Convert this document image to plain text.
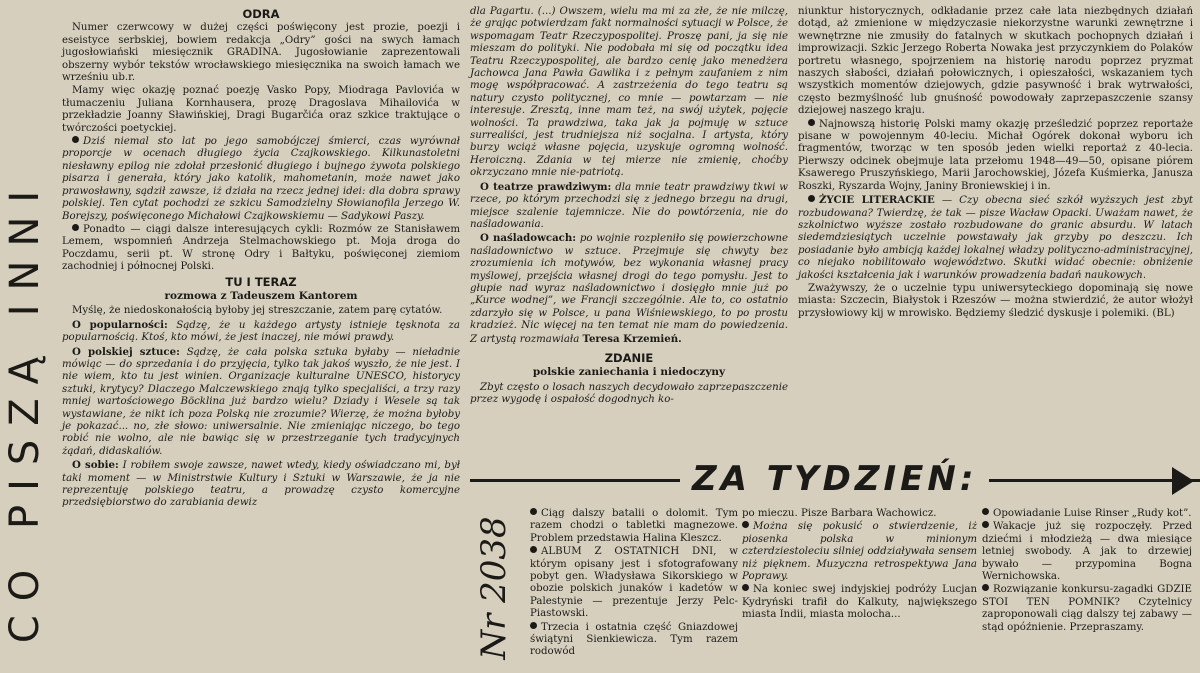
CO PISZĄ INNI
ODRA

Numer czerwcowy w dużej części poświęcony jest prozie, poezji i eseistyce serbskiej, bowiem redakcja „Odry” gości na swych łamach jugosłowiański miesięcznik GRADINA. Jugosłowianie zaprezentowali obszerny wybór tekstów wrocławskiego miesięcznika na swoich łamach we wrześniu ub.r.

Mamy więc okazję poznać poezję Vasko Popy, Miodraga Pavlovića w tłumaczeniu Juliana Kornhausera, prozę Dragoslava Mihailovića w przekładzie Joanny Sławińskiej, Dragi Bugarčića oraz szkice traktujące o twórczości poetyckiej.

Dziś niemal sto lat po jego samobójczej śmierci, czas wyrównał proporcje w ocenach długiego życia Czajkowskiego. Kilkunastoletni niesławny epilog nie zdołał przesłonić długiego i bujnego żywota polskiego pisarza i generała, który jako katolik, mahometanin, może nawet jako prawosławny, sądził zawsze, iż działa na rzecz jednej idei: dla dobra sprawy polskiej. Ten cytat pochodzi ze szkicu Samodzielny Słowianofila Jerzego W. Borejszy, poświęconego Michałowi Czajkowskiemu — Sadykowi Paszy.

Ponadto — ciągi dalsze interesujących cykli: Rozmów ze Stanisławem Lemem, wspomnień Andrzeja Stelmachowskiego pt. Moja droga do Poczdamu, serii pt. W stronę Odry i Bałtyku, poświęconej ziemiom zachodniej i północnej Polski.

TU I TERAZ
rozmowa z Tadeuszem Kantorem

Myślę, że niedoskonałością byłoby jej streszczanie, zatem parę cytatów.

O popularności: Sądzę, że u każdego artysty istnieje tęsknota za popularnością. Ktoś, kto mówi, że jest inaczej, nie mówi prawdy.

O polskiej sztuce: Sądzę, że cała polska sztuka byłaby — nieładnie mówiąc — do sprzedania i do przyjęcia, tylko tak jakoś wyszło, że nie jest. I nie wiem, kto tu jest winien. Organizacje kulturalne UNESCO, historycy sztuki, krytycy? Dlaczego Malczewskiego znają tylko specjaliści, a trzy razy mniej wartościowego Böcklina już bardzo wielu? Dziady i Wesele są tak wystawiane, że nikt ich poza Polską nie zrozumie? Wierzę, że można byłoby je pokazać... no, złe słowo: uniwersalnie. Nie zmieniając niczego, bo tego robić nie wolno, ale nie bawiąc się w przestrzeganie tych tradycyjnych żądań, didaskaliów.

O sobie: I robiłem swoje zawsze, nawet wtedy, kiedy oświadczano mi, był taki moment — w Ministrstwie Kultury i Sztuki w Warszawie, że ja nie reprezentuję polskiego teatru, a prowadzę czysto komercyjne przedsiębiorstwo do zarabiania dewiz

dla Pagartu. (...) Owszem, wielu ma mi za złe, że nie milczę, że grając potwierdzam fakt normalności sytuacji w Polsce, że wspomagam Teatr Rzeczypospolitej. Proszę pani, ja się nie mieszam do polityki. Nie podobała mi się od początku idea Teatru Rzeczypospolitej, ale bardzo cenię jako menedżera Jachowca Jana Pawła Gawlika i z pełnym zaufaniem z nim mogę współpracować. A zastrzeżenia do tego teatru są natury czysto politycznej, co mnie — powtarzam — nie interesuje. Zresztą, inne mam też, na swój użytek, pojęcie wolności. Ta prawdziwa, taka jak ja pojmuję w sztuce surrealiści, jest trudniejsza niż socjalna. I artysta, który burzy wciąż własne pojęcia, uzyskuje ogromną wolność. Heroiczną. Zdania w tej mierze nie zmienię, choćby okrzyczano mnie nie-patriotą.

O teatrze prawdziwym: dla mnie teatr prawdziwy tkwi w rzece, po którym przechodzi się z jednego brzegu na drugi, miejsce szalenie tajemnicze. Nie do powtórzenia, nie do naśladowania.

O naśladowcach: po wojnie rozpleniło się powierzchowne naśladownictwo w sztuce. Przejmuje się chwyty bez zrozumienia ich motywów, bez wykonania własnej pracy myślowej, przejścia własnej drogi do tego pomysłu. Jest to głupie nad wyraz naśladownictwo i dosięgło mnie już po „Kurce wodnej”, we Francji szczególnie. Ale to, co ostatnio zdarzyło się w Polsce, u pana Wiśniewskiego, to po prostu kradzież. Nic więcej na ten temat nie mam do powiedzenia. Z artystą rozmawiała Teresa Krzemień.

ZDANIE
polskie zaniechania i niedoczyny

Zbyt często o losach naszych decydowało zaprzepaszczenie przez wygodę i ospałość dogodnych ko-

niunktur historycznych, odkładanie przez całe lata niezbędnych działań dotąd, aż zmienione w międzyczasie niekorzystne warunki zewnętrzne i wewnętrzne nie zmusiły do fatalnych w skutkach pochopnych działań i improwizacji. Szkic Jerzego Roberta Nowaka jest przyczynkiem do Polaków portretu własnego, spojrzeniem na historię narodu poprzez pryzmat naszych słabości, działań połowicznych, i opieszałości, wskazaniem tych wszystkich momentów dziejowych, gdzie pasywność i brak wytrwałości, często bezmyślność lub gnuśność powodowały zaprzepaszczenie szansy dziejowej naszego kraju.

Najnowszą historię Polski mamy okazję prześledzić poprzez reportaże pisane w powojennym 40-leciu. Michał Ogórek dokonał wyboru ich fragmentów, tworząc w ten sposób jeden wielki reportaż z 40-lecia. Pierwszy odcinek obejmuje lata przełomu 1948—49—50, opisane piórem Ksawerego Pruszyńskiego, Marii Jarochowskiej, Józefa Kuśmierka, Janusza Roszki, Ryszarda Wojny, Janiny Broniewskiej i in.

ŻYCIE LITERACKIE — Czy obecna sieć szkół wyższych jest zbyt rozbudowana? Twierdzę, że tak — pisze Wacław Opacki. Uważam nawet, że szkolnictwo wyższe zostało rozbudowane do granic absurdu. W latach siedemdziesiątych uczelnie powstawały jak grzyby po deszczu. Ich posiadanie było ambicją każdej lokalnej władzy polityczno-administracyjnej, co niejako nobilitowało województwo. Skutki widać obecnie: obniżenie jakości kształcenia jak i warunków prowadzenia badań naukowych.

Zważywszy, że o uczelnie typu uniwersyteckiego dopominają się nowe miasta: Szczecin, Białystok i Rzeszów — można stwierdzić, że autor włożył przysłowiowy kij w mrowisko. Będziemy śledzić dyskusje i polemiki. (BL)

ZA TYDZIEŃ:
Nr 2038

Ciąg dalszy batalii o dolomit. Tym razem chodzi o tabletki magnezowe. Problem przedstawia Halina Kleszcz.

ALBUM Z OSTATNICH DNI, w którym opisany jest i sfotografowany pobyt gen. Władysława Sikorskiego w obozie polskich junaków i kadetów w Palestynie — prezentuje Jerzy Pelc-Piastowski.

Trzecia i ostatnia część Gniazdowej świątyni Sienkiewicza. Tym razem rodowód

po mieczu. Pisze Barbara Wachowicz.

Można się pokusić o stwierdzenie, iż piosenka polska w minionym czterdziestoleciu silniej oddziaływała sensem niż pięknem. Muzyczna retrospektywa Jana Poprawy.

Na koniec swej indyjskiej podróży Lucjan Kydryński trafił do Kalkuty, największego miasta Indii, miasta molocha...

Opowiadanie Luise Rinser „Rudy kot”.

Wakacje już się rozpoczęły. Przed dziećmi i młodzieżą — dwa miesiące letniej swobody. A jak to drzewiej bywało — przypomina Bogna Wernichowska.

Rozwiązanie konkursu-zagadki GDZIE STOI TEN POMNIK? Czytelnicy zaproponowali ciąg dalszy tej zabawy — stąd opóźnienie. Przepraszamy.
